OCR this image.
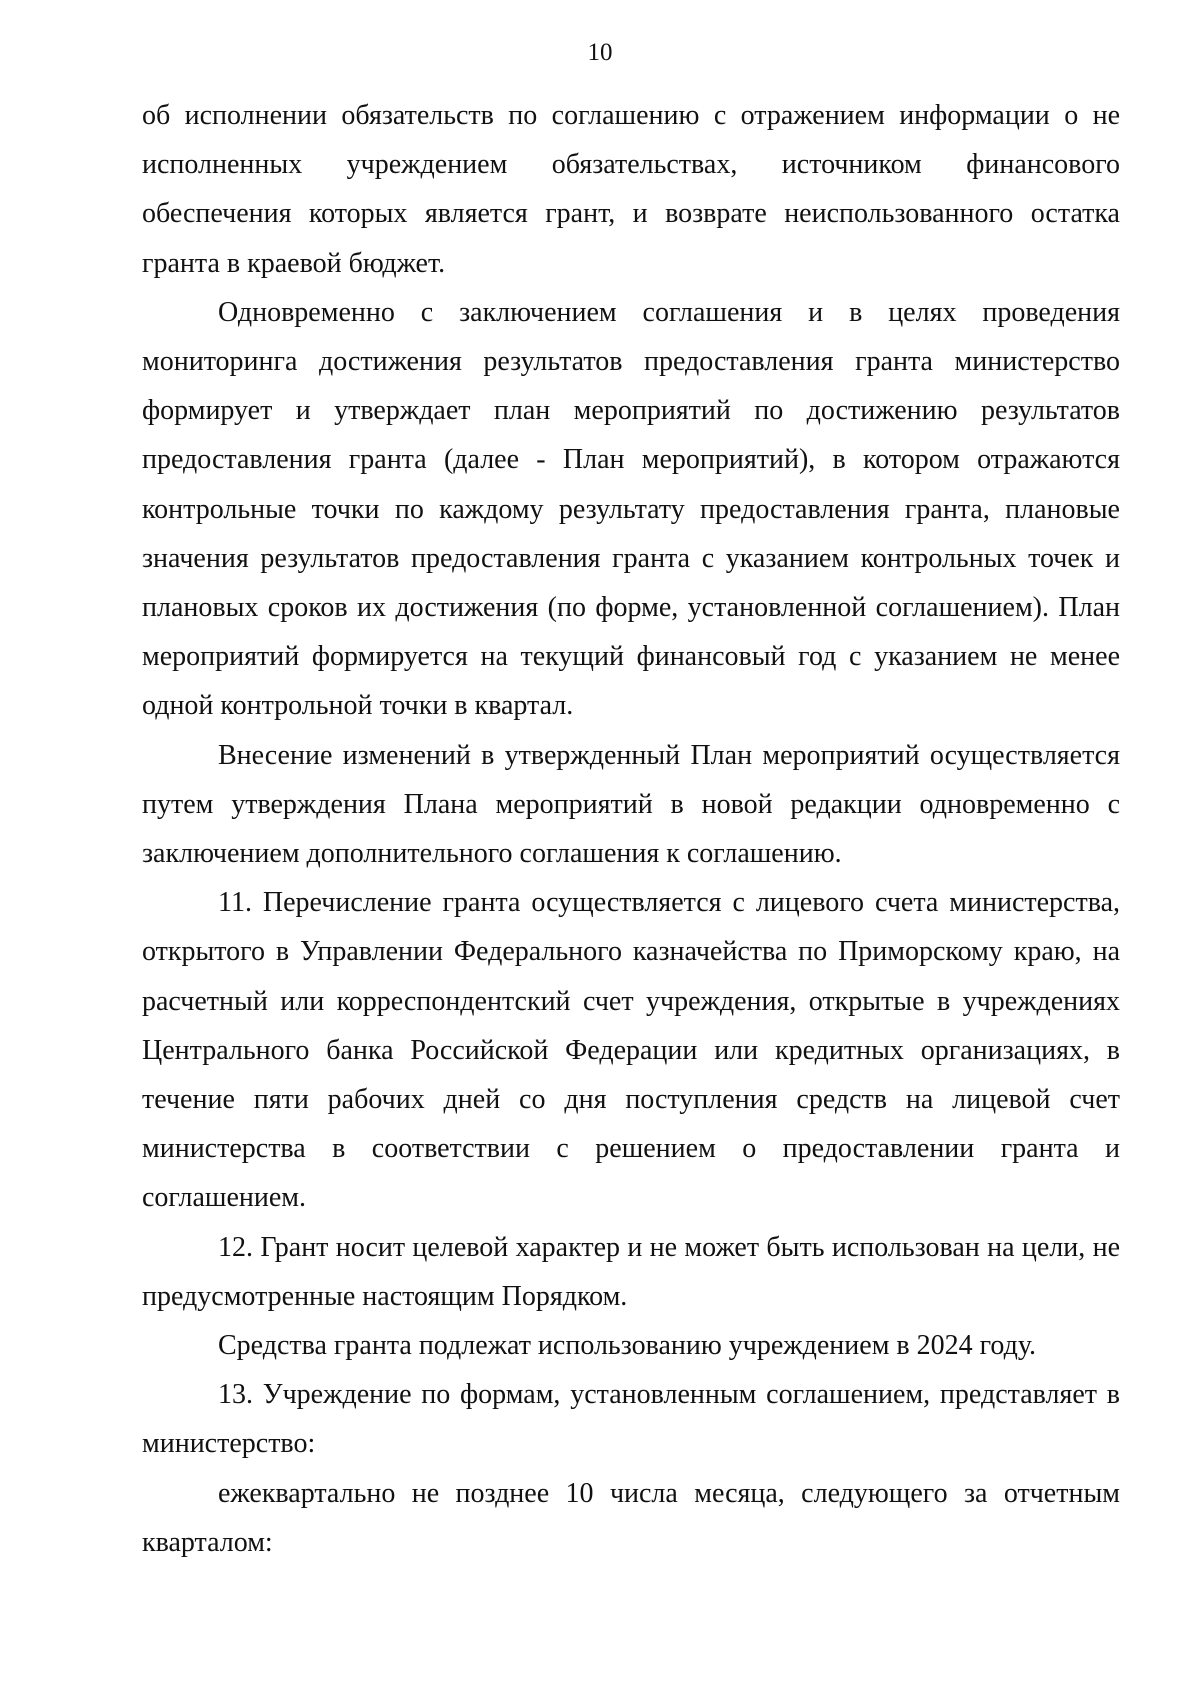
10

об исполнении обязательств по соглашению с отражением информации о не исполненных учреждением обязательствах, источником финансового обеспечения которых является грант, и возврате неиспользованного остатка гранта в краевой бюджет.

Одновременно с заключением соглашения и в целях проведения мониторинга достижения результатов предоставления гранта министерство формирует и утверждает план мероприятий по достижению результатов предоставления гранта (далее - План мероприятий), в котором отражаются контрольные точки по каждому результату предоставления гранта, плановые значения результатов предоставления гранта с указанием контрольных точек и плановых сроков их достижения (по форме, установленной соглашением). План мероприятий формируется на текущий финансовый год с указанием не менее одной контрольной точки в квартал.

Внесение изменений в утвержденный План мероприятий осуществляется путем утверждения Плана мероприятий в новой редакции одновременно с заключением дополнительного соглашения к соглашению.

11. Перечисление гранта осуществляется с лицевого счета министерства, открытого в Управлении Федерального казначейства по Приморскому краю, на расчетный или корреспондентский счет учреждения, открытые в учреждениях Центрального банка Российской Федерации или кредитных организациях, в течение пяти рабочих дней со дня поступления средств на лицевой счет министерства в соответствии с решением о предоставлении гранта и соглашением.

12. Грант носит целевой характер и не может быть использован на цели, не предусмотренные настоящим Порядком.

Средства гранта подлежат использованию учреждением в 2024 году.

13. Учреждение по формам, установленным соглашением, представляет в министерство:

ежеквартально не позднее 10 числа месяца, следующего за отчетным кварталом:
